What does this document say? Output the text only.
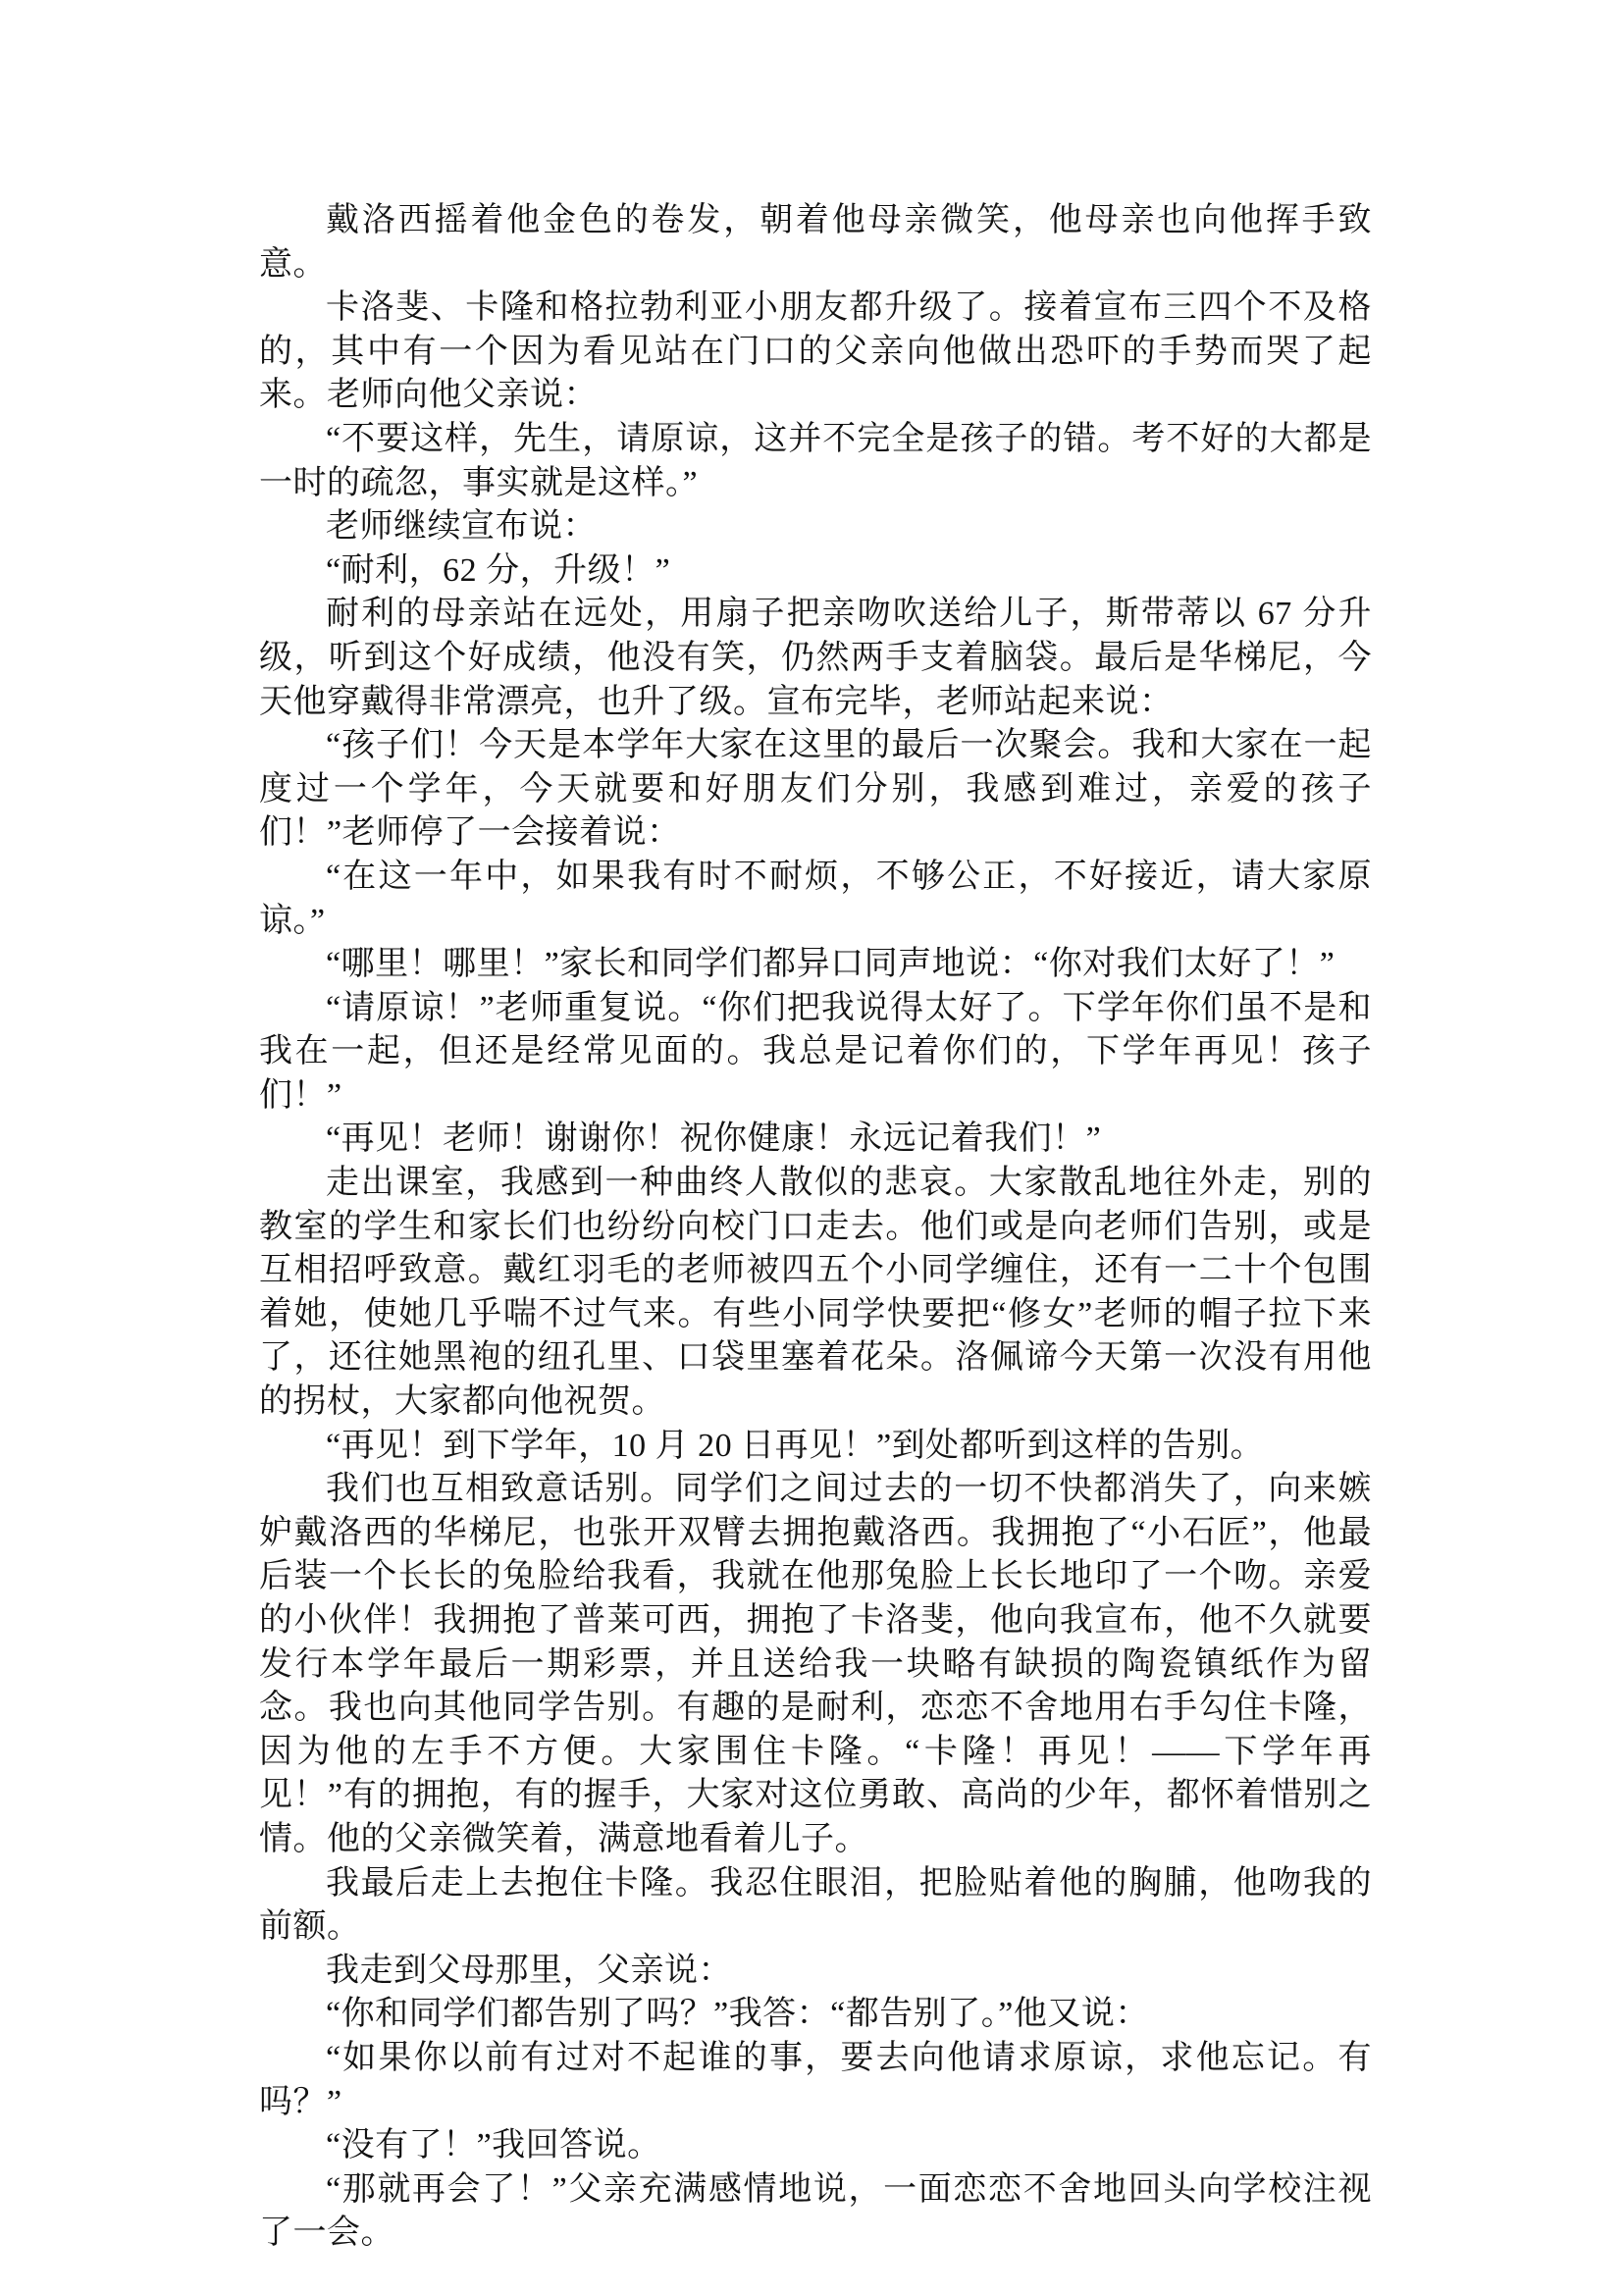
戴洛西摇着他金色的卷发，朝着他母亲微笑，他母亲也向他挥手致意。

卡洛斐、卡隆和格拉勃利亚小朋友都升级了。接着宣布三四个不及格的，其中有一个因为看见站在门口的父亲向他做出恐吓的手势而哭了起来。老师向他父亲说：

“不要这样，先生，请原谅，这并不完全是孩子的错。考不好的大都是一时的疏忽，事实就是这样。”

老师继续宣布说：

“耐利，62 分，升级！”

耐利的母亲站在远处，用扇子把亲吻吹送给儿子，斯带蒂以 67 分升级，听到这个好成绩，他没有笑，仍然两手支着脑袋。最后是华梯尼，今天他穿戴得非常漂亮，也升了级。宣布完毕，老师站起来说：

“孩子们！今天是本学年大家在这里的最后一次聚会。我和大家在一起度过一个学年，今天就要和好朋友们分别，我感到难过，亲爱的孩子们！”老师停了一会接着说：

“在这一年中，如果我有时不耐烦，不够公正，不好接近，请大家原谅。”

“哪里！哪里！”家长和同学们都异口同声地说：“你对我们太好了！”

“请原谅！”老师重复说。“你们把我说得太好了。下学年你们虽不是和我在一起，但还是经常见面的。我总是记着你们的，下学年再见！孩子们！”

“再见！老师！谢谢你！祝你健康！永远记着我们！”

走出课室，我感到一种曲终人散似的悲哀。大家散乱地往外走，别的教室的学生和家长们也纷纷向校门口走去。他们或是向老师们告别，或是互相招呼致意。戴红羽毛的老师被四五个小同学缠住，还有一二十个包围着她，使她几乎喘不过气来。有些小同学快要把“修女”老师的帽子拉下来了，还往她黑袍的纽孔里、口袋里塞着花朵。洛佩谛今天第一次没有用他的拐杖，大家都向他祝贺。

“再见！到下学年，10 月 20 日再见！”到处都听到这样的告别。

我们也互相致意话别。同学们之间过去的一切不快都消失了，向来嫉妒戴洛西的华梯尼，也张开双臂去拥抱戴洛西。我拥抱了“小石匠”，他最后装一个长长的兔脸给我看，我就在他那兔脸上长长地印了一个吻。亲爱的小伙伴！我拥抱了普莱可西，拥抱了卡洛斐，他向我宣布，他不久就要发行本学年最后一期彩票，并且送给我一块略有缺损的陶瓷镇纸作为留念。我也向其他同学告别。有趣的是耐利，恋恋不舍地用右手勾住卡隆，因为他的左手不方便。大家围住卡隆。“卡隆！再见！——下学年再见！”有的拥抱，有的握手，大家对这位勇敢、高尚的少年，都怀着惜别之情。他的父亲微笑着，满意地看着儿子。

我最后走上去抱住卡隆。我忍住眼泪，把脸贴着他的胸脯，他吻我的前额。

我走到父母那里，父亲说：

“你和同学们都告别了吗？”我答：“都告别了。”他又说：

“如果你以前有过对不起谁的事，要去向他请求原谅，求他忘记。有吗？”

“没有了！”我回答说。

“那就再会了！”父亲充满感情地说，一面恋恋不舍地回头向学校注视了一会。
